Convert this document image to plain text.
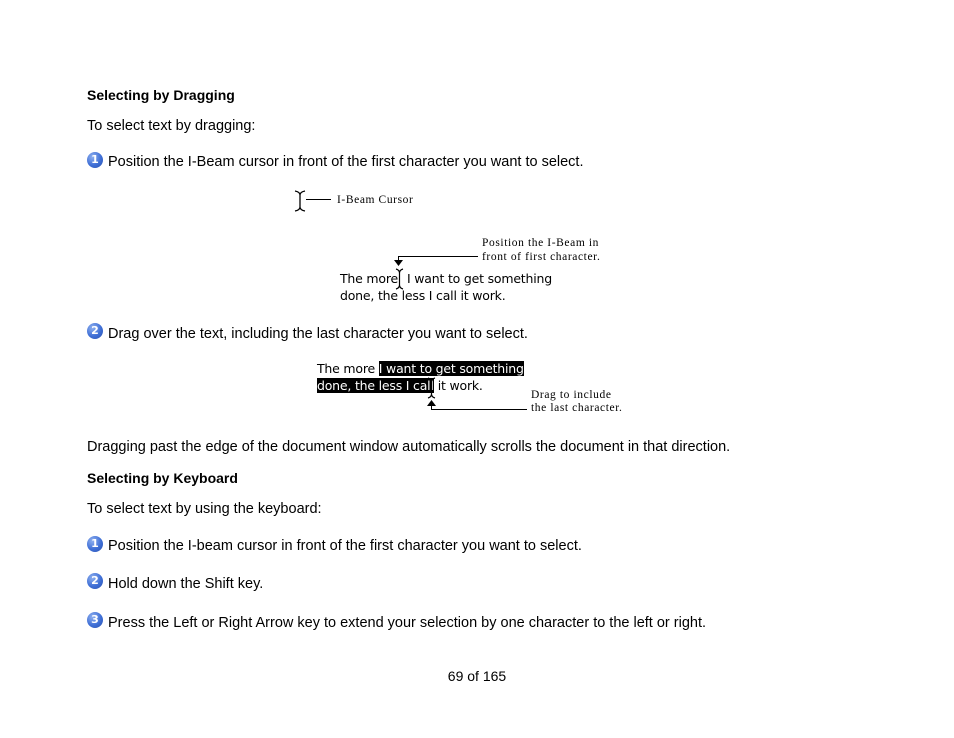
Selecting by Dragging
To select text by dragging:
1 Position the I-Beam cursor in front of the first character you want to select.
I-Beam Cursor
Position the I-Beam in
front of first character.
The more I want to get something
done, the less I call it work.
2 Drag over the text, including the last character you want to select.
The more I want to get something
done, the less I call it work.
Drag to include
the last character.
Dragging past the edge of the document window automatically scrolls the document in that direction.
Selecting by Keyboard
To select text by using the keyboard:
1 Position the I-beam cursor in front of the first character you want to select.
2 Hold down the Shift key.
3 Press the Left or Right Arrow key to extend your selection by one character to the left or right.
69 of 165
